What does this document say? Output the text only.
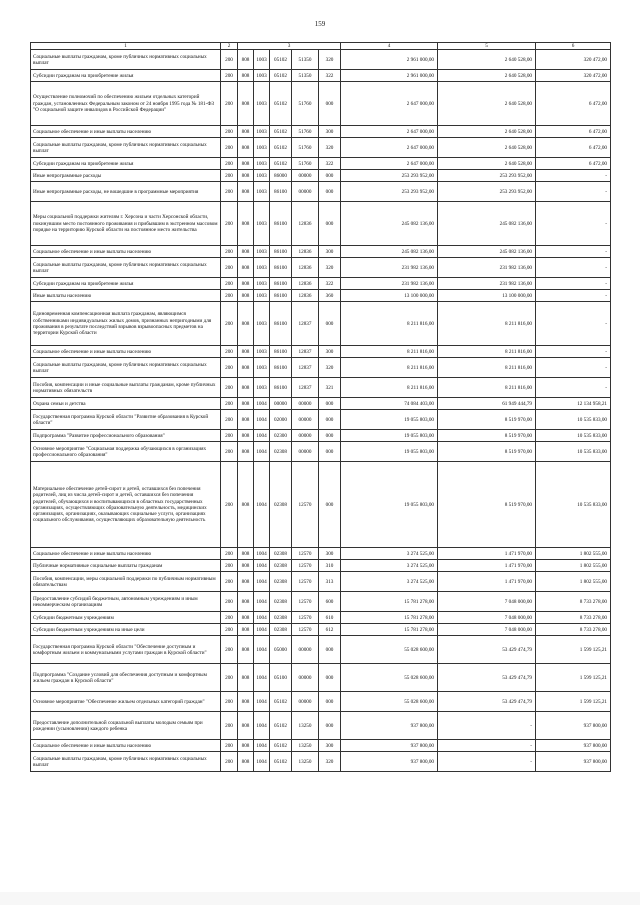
159
1	2	3					4	5	6
Социальные выплаты гражданам, кроме публичных нормативных социальных выплат	200	808	1003	05102	51350	320	2 961 000,00	2 640 528,00	320 472,00
Субсидии гражданам на приобретение жилья	200	808	1003	05102	51350	322	2 961 000,00	2 640 528,00	320 472,00
Осуществление полномочий по обеспечению жильем отдельных категорий граждан, установленных Федеральным законом от 24 ноября 1995 года № 181-ФЗ "О социальной защите инвалидов в Российской Федерации"	200	808	1003	05102	51760	000	2 647 000,00	2 640 528,00	6 472,00
Социальное обеспечение и иные выплаты населению	200	808	1003	05102	51760	300	2 647 000,00	2 640 528,00	6 472,00
Социальные выплаты гражданам, кроме публичных нормативных социальных выплат	200	808	1003	05102	51760	320	2 647 000,00	2 640 528,00	6 472,00
Субсидии гражданам на приобретение жилья	200	808	1003	05102	51760	322	2 647 000,00	2 640 528,00	6 472,00
Иные непрограммные расходы	200	808	1003	86000	00000	000	253 293 952,00	253 293 952,00	-
Иные непрограммные расходы, не вошедшие в программные мероприятия	200	808	1003	86100	00000	000	253 293 952,00	253 293 952,00	-
Меры социальной поддержки жителям г. Херсона и части Херсонской области, покинувшим место постоянного проживания и прибывшим в экстренном массовом порядке на территорию Курской области на постоянное место жительства	200	808	1003	86100	12836	000	245 082 136,00	245 082 136,00	-
Социальное обеспечение и иные выплаты населению	200	808	1003	86100	12836	300	245 082 136,00	245 082 136,00	-
Социальные выплаты гражданам, кроме публичных нормативных социальных выплат	200	808	1003	86100	12836	320	231 982 136,00	231 982 136,00	-
Субсидии гражданам на приобретение жилья	200	808	1003	86100	12836	322	231 982 136,00	231 982 136,00	-
Иные выплаты населению	200	808	1003	86100	12836	360	13 100 000,00	13 100 000,00	-
Единовременная компенсационная выплата гражданам, являющимся собственниками индивидуальных жилых домов, признанных непригодными для проживания в результате последствий взрывов взрывоопасных предметов на территории Курской области	200	808	1003	86100	12837	000	8 211 816,00	8 211 816,00	-
Социальное обеспечение и иные выплаты населению	200	808	1003	86100	12837	300	8 211 816,00	8 211 816,00	-
Социальные выплаты гражданам, кроме публичных нормативных социальных выплат	200	808	1003	86100	12837	320	8 211 816,00	8 211 816,00	-
Пособия, компенсации и иные социальные выплаты гражданам, кроме публичных нормативных обязательств	200	808	1003	86100	12837	321	8 211 816,00	8 211 816,00	-
Охрана семьи и детства	200	808	1004	00000	00000	000	74 084 403,00	61 949 444,79	12 134 958,21
Государственная программа Курской области "Развитие образования в Курской области"	200	808	1004	02000	00000	000	19 055 803,00	8 519 970,00	10 535 833,00
Подпрограмма "Развитие профессионального образования"	200	808	1004	02300	00000	000	19 055 803,00	8 519 970,00	10 535 833,00
Основное мероприятие "Социальная поддержка обучающихся в организациях профессионального образования"	200	808	1004	02308	00000	000	19 055 803,00	8 519 970,00	10 535 833,00
Материальное обеспечение детей-сирот и детей, оставшихся без попечения родителей, лиц из числа детей-сирот и детей, оставшихся без попечения родителей, обучающихся и воспитывающихся в областных государственных организациях, осуществляющих образовательную деятельность, медицинских организациях, организациях, оказывающих социальные услуги, организациях социального обслуживания, осуществляющих образовательную деятельность	200	808	1004	02308	12570	000	19 055 803,00	8 519 970,00	10 535 833,00
Социальное обеспечение и иные выплаты населению	200	808	1004	02308	12570	300	3 274 525,00	1 471 970,00	1 802 555,00
Публичные нормативные социальные выплаты гражданам	200	808	1004	02308	12570	310	3 274 525,00	1 471 970,00	1 802 555,00
Пособия, компенсации, меры социальной поддержки по публичным нормативным обязательствам	200	808	1004	02308	12570	313	3 274 525,00	1 471 970,00	1 802 555,00
Предоставление субсидий бюджетным, автономным учреждениям и иным некоммерческим организациям	200	808	1004	02308	12570	600	15 781 278,00	7 048 000,00	8 733 278,00
Субсидии бюджетным учреждениям	200	808	1004	02308	12570	610	15 781 278,00	7 048 000,00	8 733 278,00
Субсидии бюджетным учреждениям на иные цели	200	808	1004	02308	12570	612	15 781 278,00	7 048 000,00	8 733 278,00
Государственная программа Курской области "Обеспечение доступным и комфортным жильем и коммунальными услугами граждан в Курской области"	200	808	1004	05000	00000	000	55 028 600,00	53 429 474,79	1 599 125,21
Подпрограмма "Создание условий для обеспечения доступным и комфортным жильем граждан в Курской области"	200	808	1004	05100	00000	000	55 028 600,00	53 429 474,79	1 599 125,21
Основное мероприятие "Обеспечение жильем отдельных категорий граждан"	200	808	1004	05102	00000	000	55 028 600,00	53 429 474,79	1 599 125,21
Предоставление дополнительной социальной выплаты молодым семьям при рождении (усыновлении) каждого ребенка	200	808	1004	05102	13250	000	937 800,00	-	937 800,00
Социальное обеспечение и иные выплаты населению	200	808	1004	05102	13250	300	937 800,00	-	937 800,00
Социальные выплаты гражданам, кроме публичных нормативных социальных выплат	200	808	1004	05102	13250	320	937 800,00	-	937 800,00
